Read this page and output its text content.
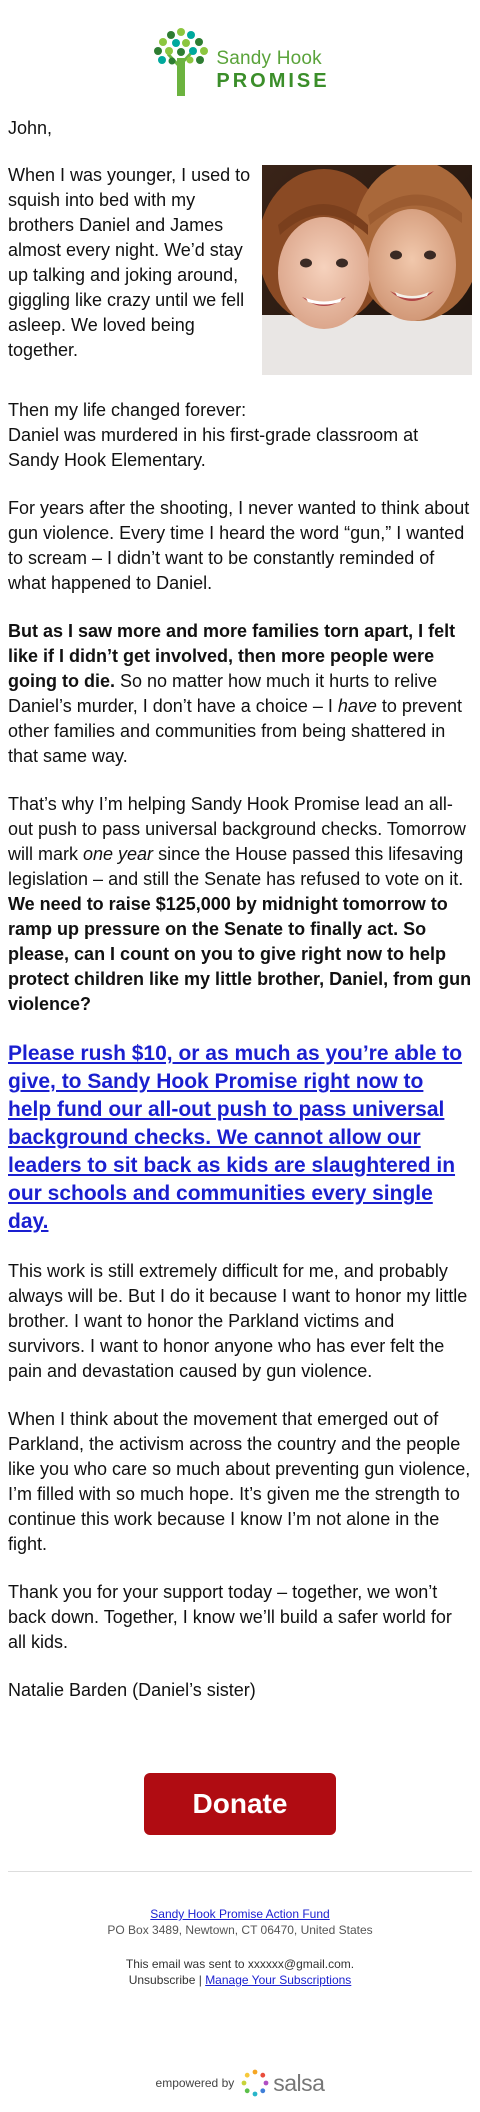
Sandy Hook
PROMISE

John,

When I was younger, I used to squish into bed with my brothers Daniel and James almost every night. We’d stay up talking and joking around, giggling like crazy until we fell asleep. We loved being together.

Then my life changed forever:
Daniel was murdered in his first-grade classroom at Sandy Hook Elementary.

For years after the shooting, I never wanted to think about gun violence. Every time I heard the word “gun,” I wanted to scream – I didn’t want to be constantly reminded of what happened to Daniel.

But as I saw more and more families torn apart, I felt like if I didn’t get involved, then more people were going to die. So no matter how much it hurts to relive Daniel’s murder, I don’t have a choice – I have to prevent other families and communities from being shattered in that same way.

That’s why I’m helping Sandy Hook Promise lead an all-out push to pass universal background checks. Tomorrow will mark one year since the House passed this lifesaving legislation – and still the Senate has refused to vote on it. We need to raise $125,000 by midnight tomorrow to ramp up pressure on the Senate to finally act. So please, can I count on you to give right now to help protect children like my little brother, Daniel, from gun violence?

Please rush $10, or as much as you’re able to give, to Sandy Hook Promise right now to help fund our all-out push to pass universal background checks. We cannot allow our leaders to sit back as kids are slaughtered in our schools and communities every single day.

This work is still extremely difficult for me, and probably always will be. But I do it because I want to honor my little brother. I want to honor the Parkland victims and survivors. I want to honor anyone who has ever felt the pain and devastation caused by gun violence.

When I think about the movement that emerged out of Parkland, the activism across the country and the people like you who care so much about preventing gun violence, I’m filled with so much hope. It’s given me the strength to continue this work because I know I’m not alone in the fight.

Thank you for your support today – together, we won’t back down. Together, I know we’ll build a safer world for all kids.

Natalie Barden (Daniel’s sister)

Donate
Sandy Hook Promise Action Fund
PO Box 3489, Newtown, CT 06470, United States
This email was sent to xxxxxx@gmail.com.
Unsubscribe | Manage Your Subscriptions
empowered by salsa
